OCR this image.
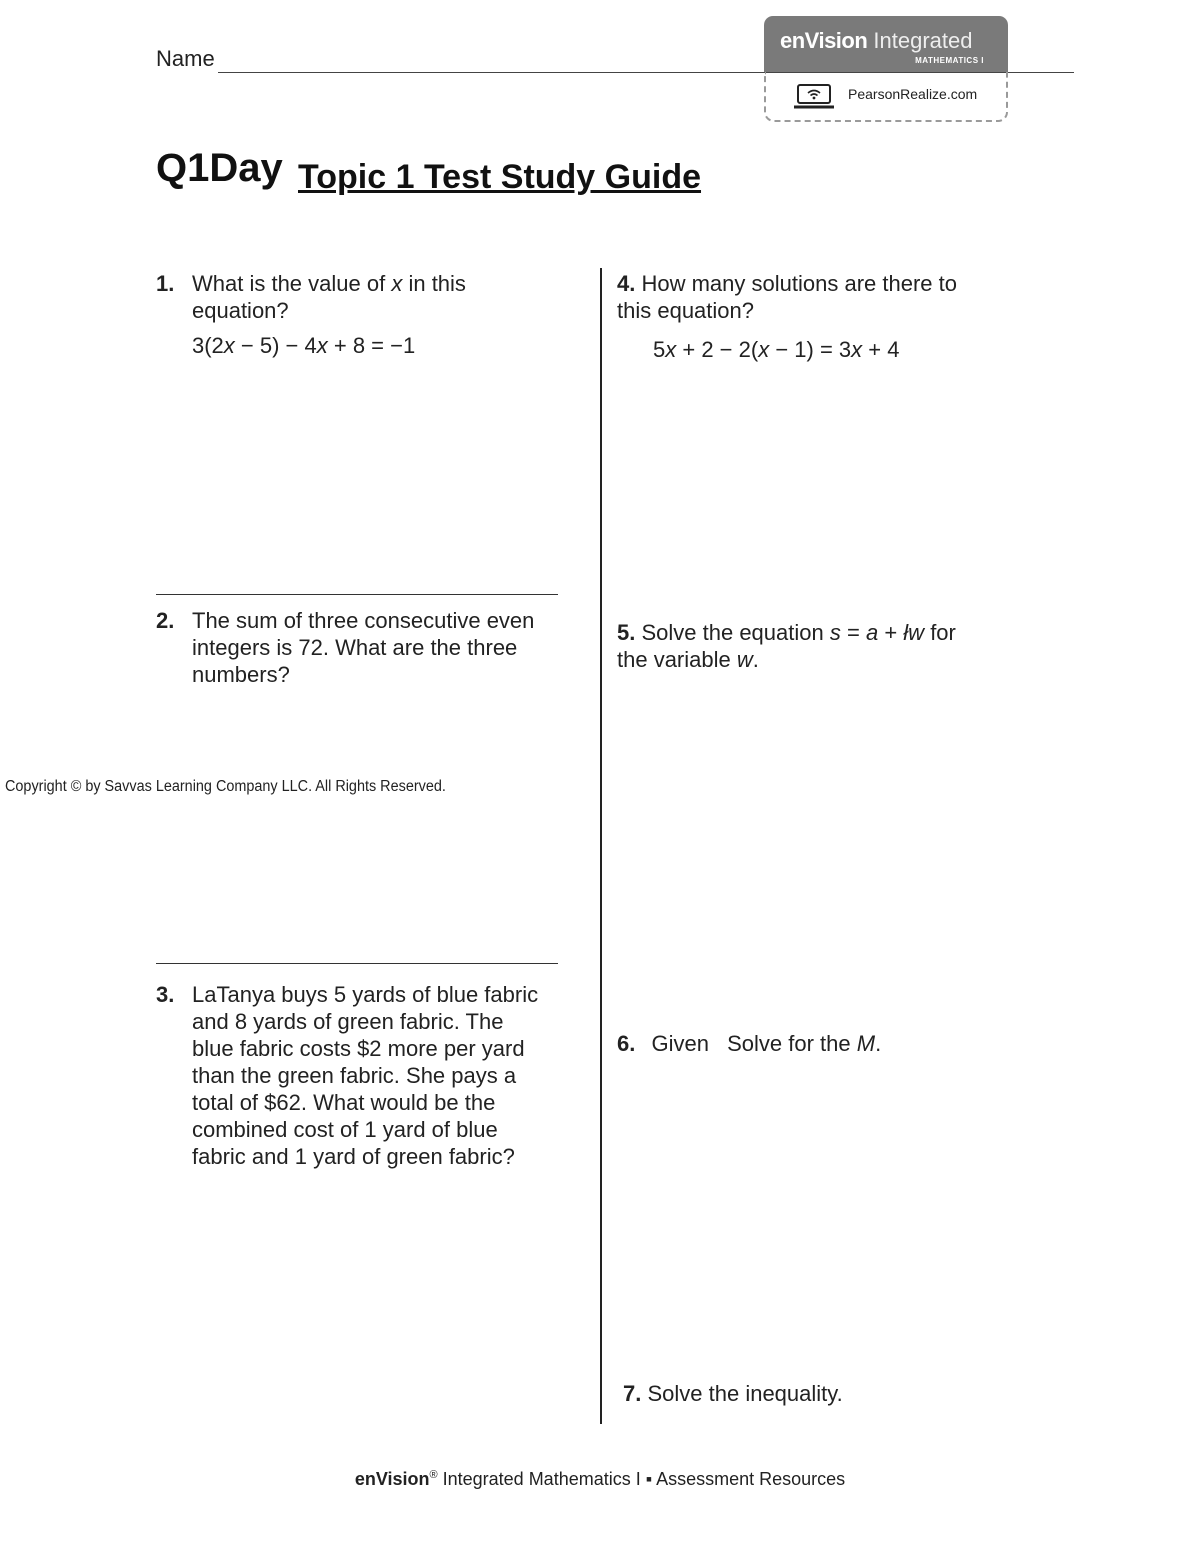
Name
enVision Integrated
MATHEMATICS I
PearsonRealize.com
Q1Day Topic 1 Test Study Guide
1. What is the value of x in this
equation?
3(2x − 5) − 4x + 8 = −1
2. The sum of three consecutive even
integers is 72. What are the three
numbers?
Copyright © by Savvas Learning Company LLC. All Rights Reserved.
3. LaTanya buys 5 yards of blue fabric
and 8 yards of green fabric. The
blue fabric costs $2 more per yard
than the green fabric. She pays a
total of $62. What would be the
combined cost of 1 yard of blue
fabric and 1 yard of green fabric?
4. How many solutions are there to
this equation?
5x + 2 − 2(x − 1) = 3x + 4
5. Solve the equation s = a + łw for
the variable w.
6. Given Solve for the M.
7. Solve the inequality.
enVision® Integrated Mathematics I ▪ Assessment Resources
